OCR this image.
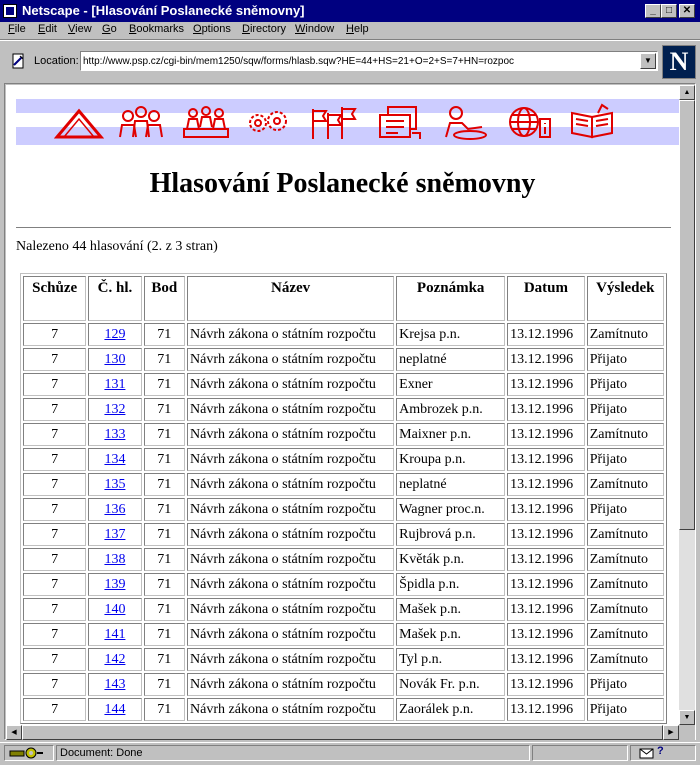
Netscape - [Hlasování Poslanecké sněmovny]	_	□	✕
File Edit View Go Bookmarks Options Directory Window Help
Location:
http://www.psp.cz/cgi-bin/mem1250/sqw/forms/hlasb.sqw?HE=44+HS=21+O=2+S=7+HN=rozpoc	▼ N
Hlasování Poslanecké sněmovny
Nalezeno 44 hlasování (2. z 3 stran)
Schůze	Č. hl.	Bod	Název	Poznámka	Datum	Výsledek
7	129	71	Návrh zákona o státním rozpočtu	Krejsa p.n.	13.12.1996	Zamítnuto
7	130	71	Návrh zákona o státním rozpočtu	neplatné	13.12.1996	Přijato
7	131	71	Návrh zákona o státním rozpočtu	Exner	13.12.1996	Přijato
7	132	71	Návrh zákona o státním rozpočtu	Ambrozek p.n.	13.12.1996	Přijato
7	133	71	Návrh zákona o státním rozpočtu	Maixner p.n.	13.12.1996	Zamítnuto
7	134	71	Návrh zákona o státním rozpočtu	Kroupa p.n.	13.12.1996	Přijato
7	135	71	Návrh zákona o státním rozpočtu	neplatné	13.12.1996	Zamítnuto
7	136	71	Návrh zákona o státním rozpočtu	Wagner proc.n.	13.12.1996	Přijato
7	137	71	Návrh zákona o státním rozpočtu	Rujbrová p.n.	13.12.1996	Zamítnuto
7	138	71	Návrh zákona o státním rozpočtu	Květák p.n.	13.12.1996	Zamítnuto
7	139	71	Návrh zákona o státním rozpočtu	Špidla p.n.	13.12.1996	Zamítnuto
7	140	71	Návrh zákona o státním rozpočtu	Mašek p.n.	13.12.1996	Zamítnuto
7	141	71	Návrh zákona o státním rozpočtu	Mašek p.n.	13.12.1996	Zamítnuto
7	142	71	Návrh zákona o státním rozpočtu	Tyl p.n.	13.12.1996	Zamítnuto
7	143	71	Návrh zákona o státním rozpočtu	Novák Fr. p.n.	13.12.1996	Přijato
7	144	71	Návrh zákona o státním rozpočtu	Zaorálek p.n.	13.12.1996	Přijato
▲
▼
◀	▶
Document: Done	?
